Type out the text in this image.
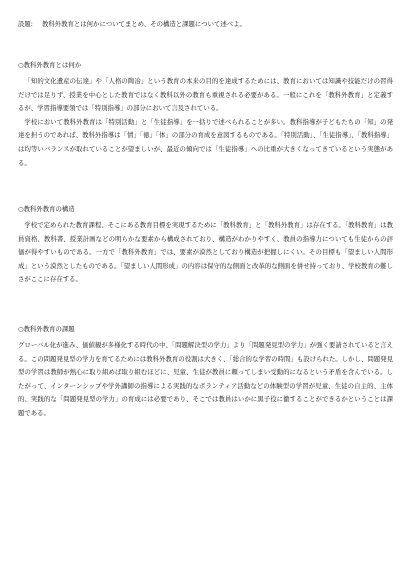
設題: 教科外教育とは何かについてまとめ、その構造と課題について述べよ。
○教科外教育とは何か

「知的文化遺産の伝達」や「人格の陶冶」という教育の本来の目的を達成するためには、教育においては知識や技能だけの習得だけでは足りず、授業を中心とした教育ではなく教科以外の教育も重視される必要がある。一般にこれを「教科外教育」と定義するが、学習指導要領では「特別指導」の部分において言及されている。

学校において教科外教育は「特別活動」と「生徒指導」を一括りで述べられることが多い。教科指導が子どもたちの「知」の発達を担うのであれば、教科外指導は「情」「徳」「体」の部分の育成を意図するものである。「特別活動」、「生徒指導」、「教科指導」は均等いバランスが取れていることが望ましいが、最近の傾向では「生徒指導」への比重が大きくなってきているという実態がある。

○教科外教育の構造

学校で定められた教育課程、そこにある教育目標を実現するために「教科教育」と「教科外教育」は存在する。「教科教育」は教員資格、教科書、授業計画などの明らかな要素から構成されており、構造がわかりやすく、教員の指導力についても生徒からの評価が得やすいものである。一方で「教科外教育」では、要素が漠然としており構造が把握しにくい。その目標も「望ましい人間形成」という漠然としたものである。「望ましい人間形成」の内容は保守的な側面と改革的な側面を併せ持っており、学校教育の難しさがここに存在する。

○教科外教育の課題

グローバル化が進み、価値観が多様化する時代の中、「問題解決型の学力」より「問題発見型の学力」が強く要請されていると言える。この問題発見型の学力を育てるためには教科外教育の役割は大きく、「総合的な学習の時間」も設けられた。しかし、問題発見型の学習は教師が熱心に取り組めば取り組むほどに、児童、生徒が教員に頼ってしまい受動的になるという矛盾を含んでいる。したがって、インターンシップや学外講師の指導による実践的なボランティア活動などの体験型の学習が児童、生徒の自主的、主体的、実践的な「問題発見型の学力」の育成には必要であり、そこでは教員はいかに黒子役に徹することができるかということは課題である。
